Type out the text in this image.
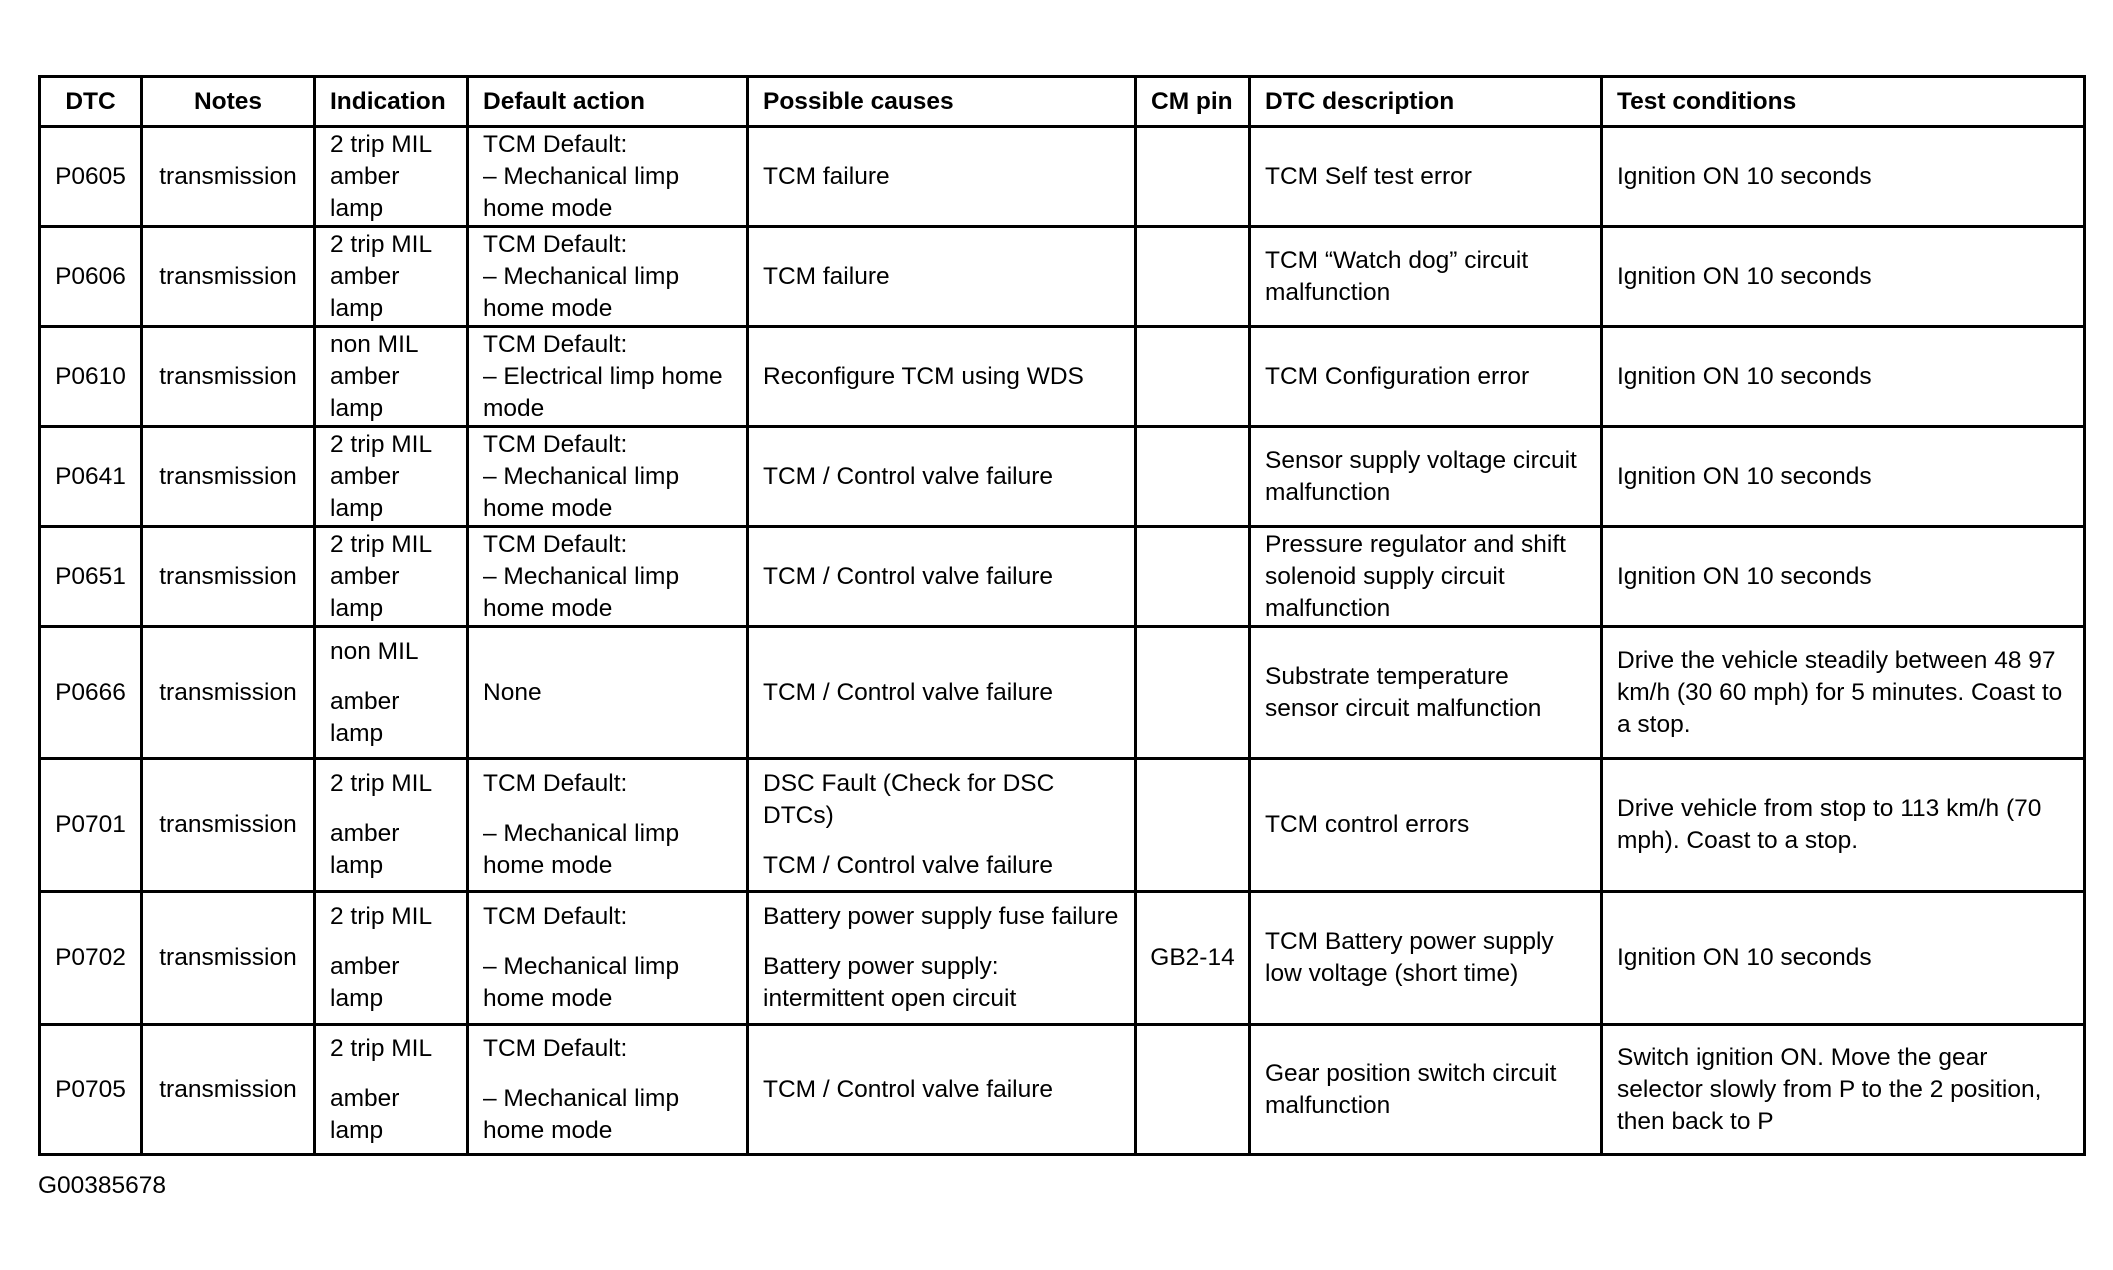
DTC	Notes	Indication	Default action	Possible causes	CM pin	DTC description	Test conditions
P0605	transmission	2 trip MIL
amber
lamp	TCM Default:
– Mechanical limp
home mode	TCM failure		TCM Self test error	Ignition ON 10 seconds
P0606	transmission	2 trip MIL
amber
lamp	TCM Default:
– Mechanical limp
home mode	TCM failure		TCM “Watch dog” circuit malfunction	Ignition ON 10 seconds
P0610	transmission	non MIL
amber
lamp	TCM Default:
– Electrical limp home
mode	Reconfigure TCM using WDS		TCM Configuration error	Ignition ON 10 seconds
P0641	transmission	2 trip MIL
amber
lamp	TCM Default:
– Mechanical limp
home mode	TCM / Control valve failure		Sensor supply voltage circuit malfunction	Ignition ON 10 seconds
P0651	transmission	2 trip MIL
amber
lamp	TCM Default:
– Mechanical limp
home mode	TCM / Control valve failure		Pressure regulator and shift solenoid supply circuit malfunction	Ignition ON 10 seconds
P0666	transmission	non MIL
amber
lamp	None	TCM / Control valve failure		Substrate temperature sensor circuit malfunction	Drive the vehicle steadily between 48 97 km/h (30 60 mph) for 5 minutes. Coast to a stop.
P0701	transmission	2 trip MIL
amber
lamp	TCM Default:
– Mechanical limp
home mode	DSC Fault (Check for DSC DTCs)
TCM / Control valve failure		TCM control errors	Drive vehicle from stop to 113 km/h (70 mph). Coast to a stop.
P0702	transmission	2 trip MIL
amber
lamp	TCM Default:
– Mechanical limp
home mode	Battery power supply fuse failure
Battery power supply: intermittent open circuit	GB2-14	TCM Battery power supply low voltage (short time)	Ignition ON 10 seconds
P0705	transmission	2 trip MIL
amber
lamp	TCM Default:
– Mechanical limp
home mode	TCM / Control valve failure		Gear position switch circuit malfunction	Switch ignition ON. Move the gear selector slowly from P to the 2 position, then back to P
G00385678
